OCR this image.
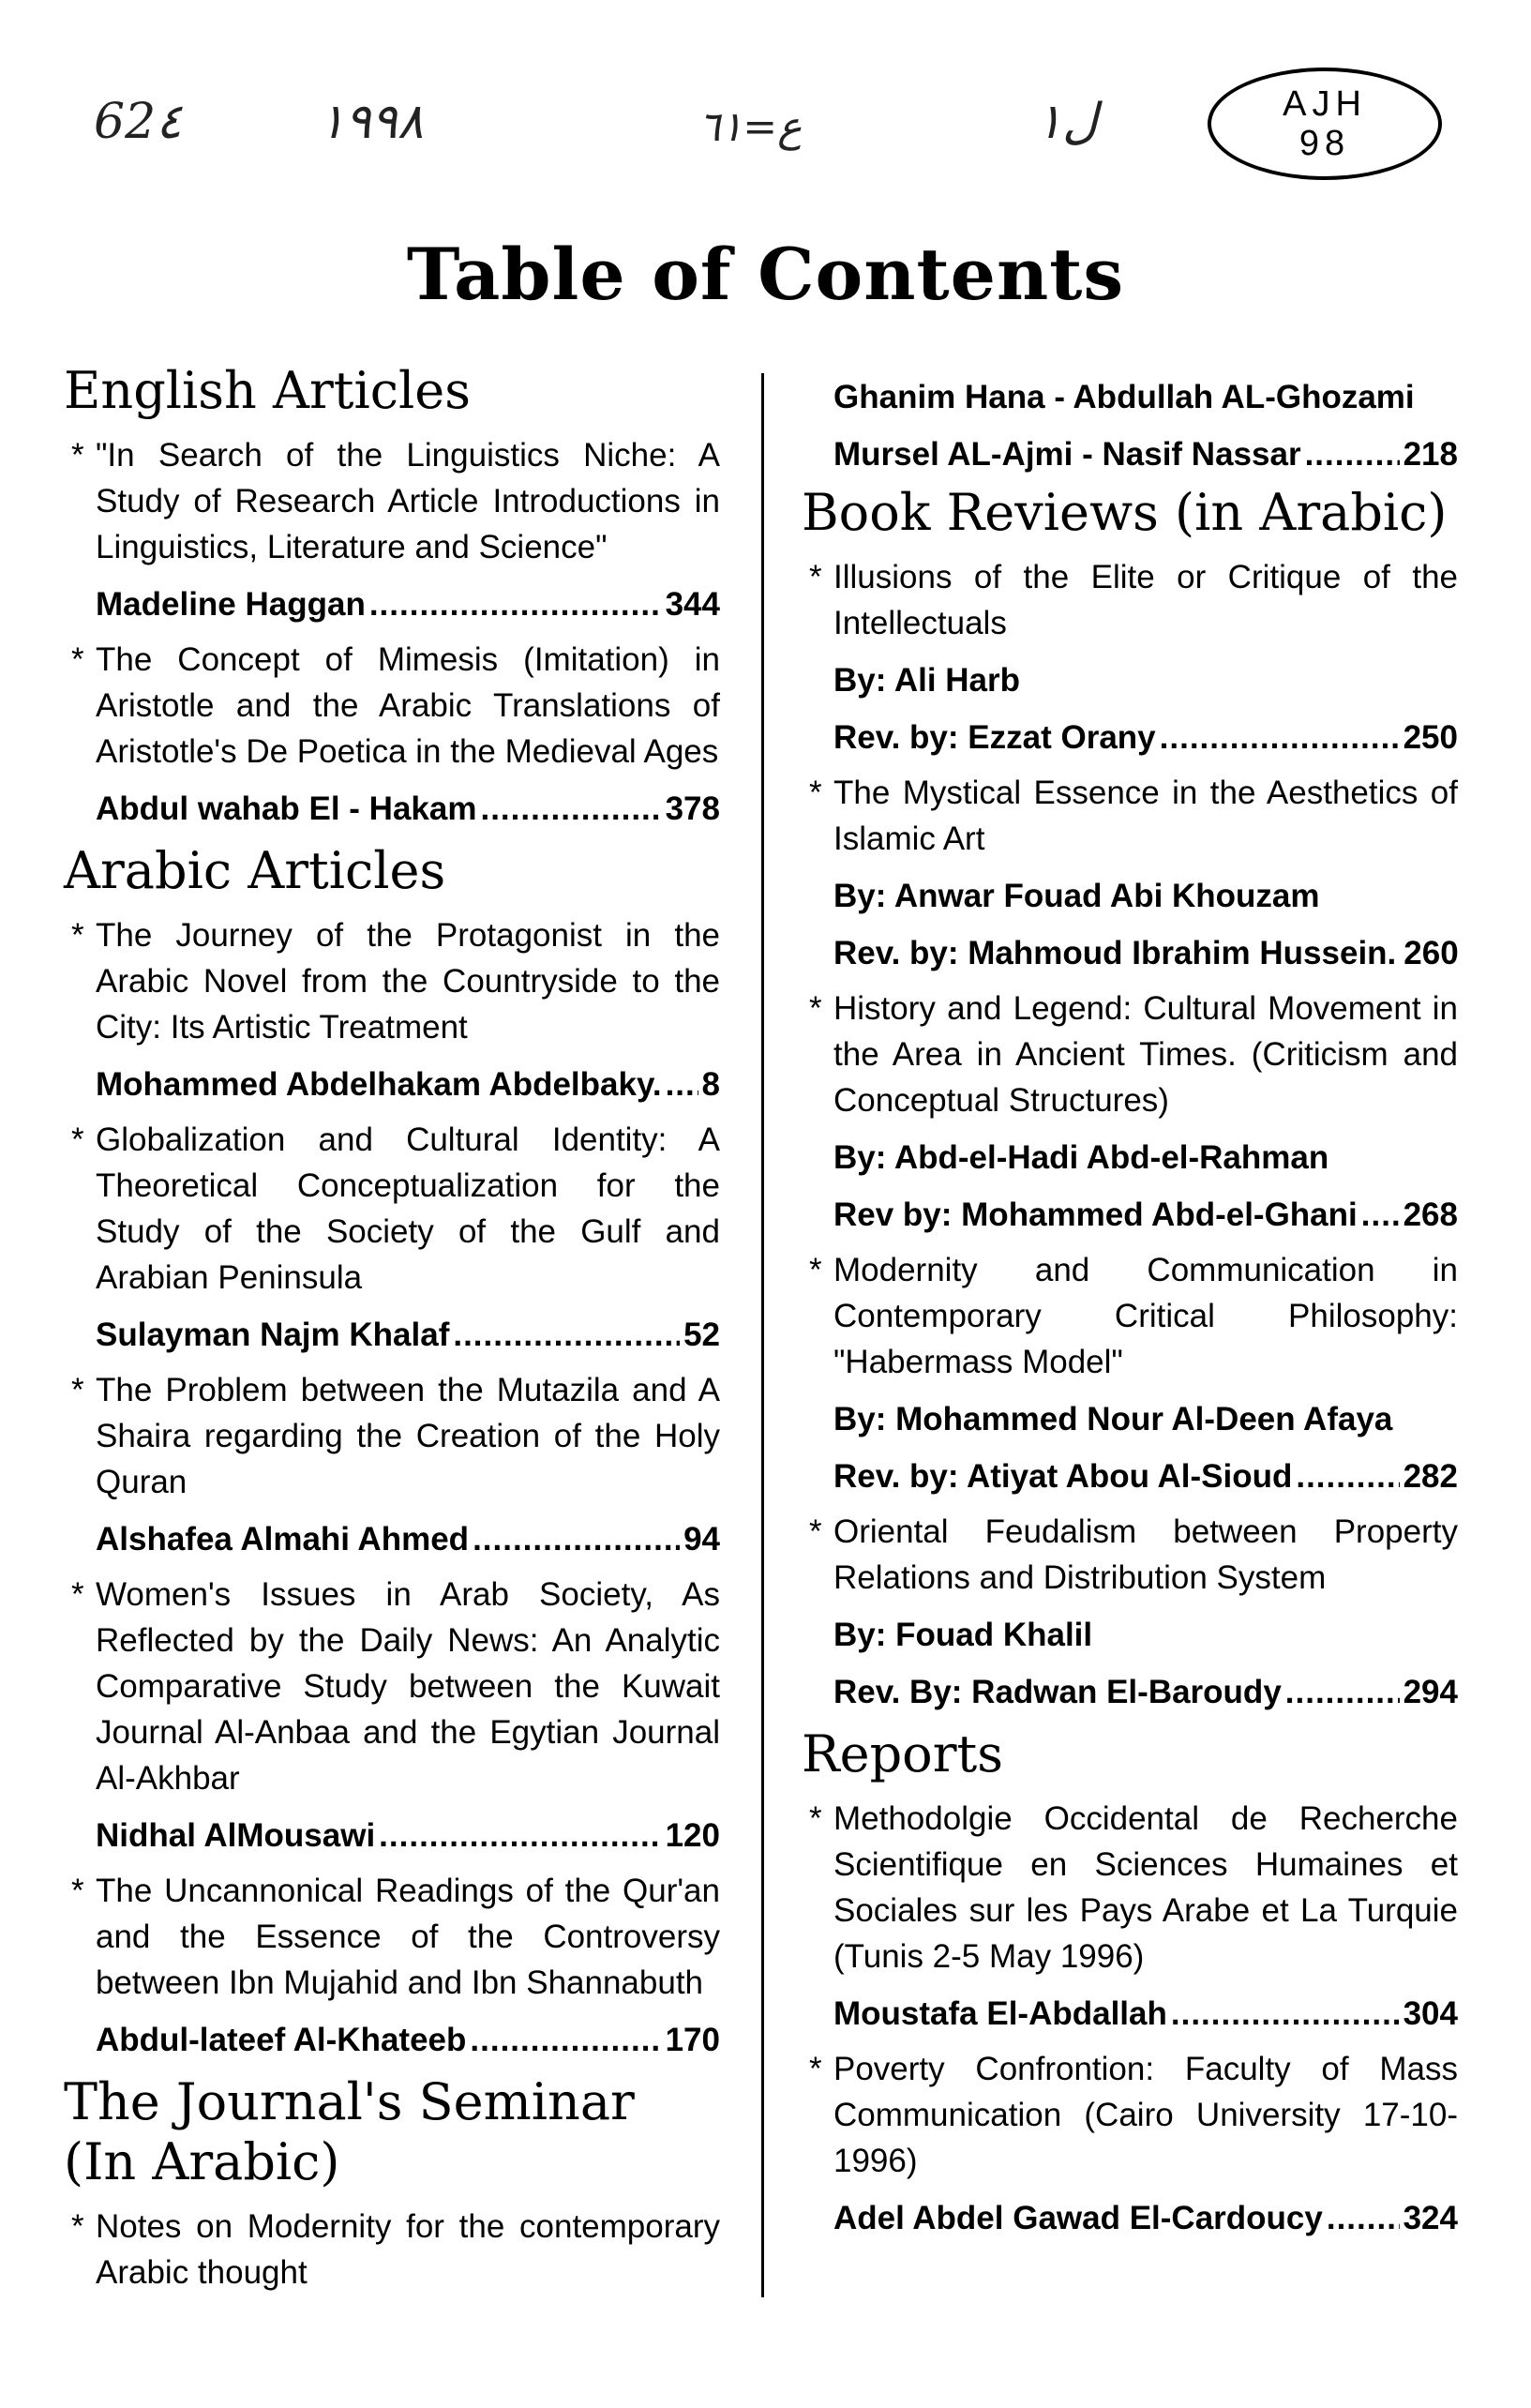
62٤	١٩٩٨	ع=٦١	ل١	AJH
98
Table of Contents
English Articles
* "In Search of the Linguistics Niche: A Study of Research Article Introductions in Linguistics, Literature and Science"
Madeline Haggan .....	344
* The Concept of Mimesis (Imitation) in Aristotle and the Arabic Translations of Aristotle's De Poetica in the Medieval Ages
Abdul wahab El - Hakam .....	378
Arabic Articles
* The Journey of the Protagonist in the Arabic Novel from the Countryside to the City: Its Artistic Treatment
Mohammed Abdelhakam Abdelbaky. ..... 8
* Globalization and Cultural Identity: A Theoretical Conceptualization for the Study of the Society of the Gulf and Arabian Peninsula
Sulayman Najm Khalaf .....	52
* The Problem between the Mutazila and A Shaira regarding the Creation of the Holy Quran
Alshafea Almahi Ahmed .....	94
* Women's Issues in Arab Society, As Reflected by the Daily News: An Analytic Comparative Study between the Kuwait Journal Al-Anbaa and the Egytian Journal Al-Akhbar
Nidhal AlMousawi .....	120
* The Uncannonical Readings of the Qur'an and the Essence of the Controversy between Ibn Mujahid and Ibn Shannabuth
Abdul-lateef Al-Khateeb .....	170
The Journal's Seminar (In Arabic)
* Notes on Modernity for the contemporary Arabic thought
Ghanim Hana - Abdullah AL-Ghozami
Mursel AL-Ajmi - Nasif Nassar .....	218
Book Reviews (in Arabic)
* Illusions of the Elite or Critique of the Intellectuals
By: Ali Harb
Rev. by: Ezzat Orany .....	250
* The Mystical Essence in the Aesthetics of Islamic Art
By: Anwar Fouad Abi Khouzam
Rev. by: Mahmoud Ibrahim Hussein. 260
* History and Legend: Cultural Movement in the Area in Ancient Times. (Criticism and Conceptual Structures)
By: Abd-el-Hadi Abd-el-Rahman
Rev by: Mohammed Abd-el-Ghani ..... 268
* Modernity and Communication in Contemporary Critical Philosophy: "Habermass Model"
By: Mohammed Nour Al-Deen Afaya
Rev. by: Atiyat Abou Al-Sioud .....	282
* Oriental Feudalism between Property Relations and Distribution System
By: Fouad Khalil
Rev. By: Radwan El-Baroudy .....	294
Reports
* Methodolgie Occidental de Recherche Scientifique en Sciences Humaines et Sociales sur les Pays Arabe et La Turquie (Tunis 2-5 May 1996)
Moustafa El-Abdallah .....	304
* Poverty Confrontion: Faculty of Mass Communication (Cairo University 17-10-1996)
Adel Abdel Gawad El-Cardoucy ..... 324
